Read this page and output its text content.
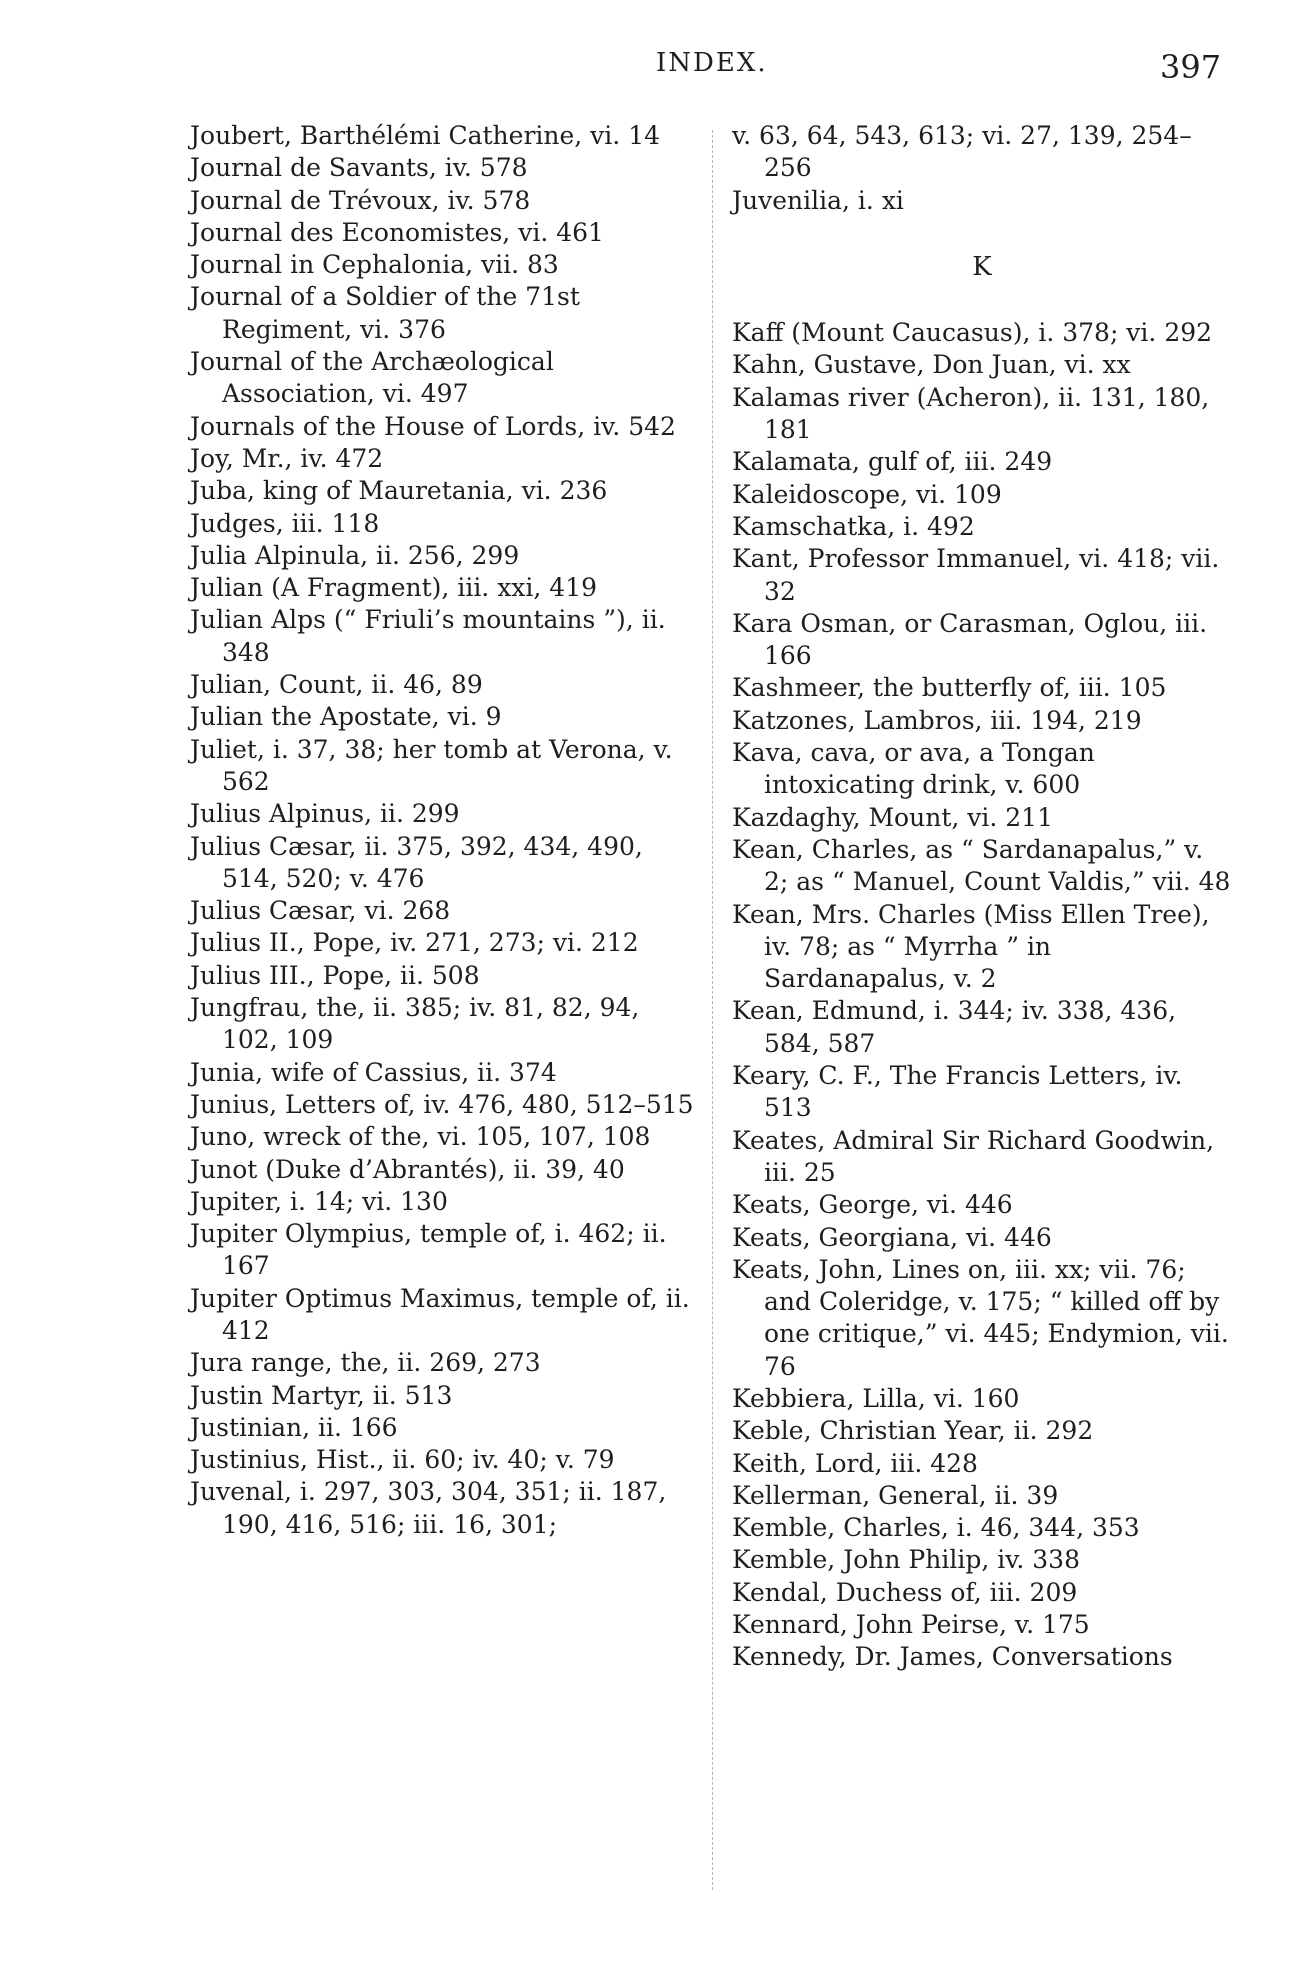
INDEX.	397

Joubert, Barthélémi Catherine, vi. 14

Journal de Savants, iv. 578

Journal de Trévoux, iv. 578

Journal des Economistes, vi. 461

Journal in Cephalonia, vii. 83

Journal of a Soldier of the 71st Regiment, vi. 376

Journal of the Archæological Association, vi. 497

Journals of the House of Lords, iv. 542

Joy, Mr., iv. 472

Juba, king of Mauretania, vi. 236

Judges, iii. 118

Julia Alpinula, ii. 256, 299

Julian (A Fragment), iii. xxi, 419

Julian Alps (“ Friuli’s mountains ”), ii. 348

Julian, Count, ii. 46, 89

Julian the Apostate, vi. 9

Juliet, i. 37, 38; her tomb at Verona, v. 562

Julius Alpinus, ii. 299

Julius Cæsar, ii. 375, 392, 434, 490, 514, 520; v. 476

Julius Cæsar, vi. 268

Julius II., Pope, iv. 271, 273; vi. 212

Julius III., Pope, ii. 508

Jungfrau, the, ii. 385; iv. 81, 82, 94, 102, 109

Junia, wife of Cassius, ii. 374

Junius, Letters of, iv. 476, 480, 512–515

Juno, wreck of the, vi. 105, 107, 108

Junot (Duke d’Abrantés), ii. 39, 40

Jupiter, i. 14; vi. 130

Jupiter Olympius, temple of, i. 462; ii. 167

Jupiter Optimus Maximus, temple of, ii. 412

Jura range, the, ii. 269, 273

Justin Martyr, ii. 513

Justinian, ii. 166

Justinius, Hist., ii. 60; iv. 40; v. 79

Juvenal, i. 297, 303, 304, 351; ii. 187, 190, 416, 516; iii. 16, 301;

v. 63, 64, 543, 613; vi. 27, 139, 254–256

Juvenilia, i. xi

K

Kaff (Mount Caucasus), i. 378; vi. 292

Kahn, Gustave, Don Juan, vi. xx

Kalamas river (Acheron), ii. 131, 180, 181

Kalamata, gulf of, iii. 249

Kaleidoscope, vi. 109

Kamschatka, i. 492

Kant, Professor Immanuel, vi. 418; vii. 32

Kara Osman, or Carasman, Oglou, iii. 166

Kashmeer, the butterfly of, iii. 105

Katzones, Lambros, iii. 194, 219

Kava, cava, or ava, a Tongan intoxicating drink, v. 600

Kazdaghy, Mount, vi. 211

Kean, Charles, as “ Sardanapalus,” v. 2; as “ Manuel, Count Valdis,” vii. 48

Kean, Mrs. Charles (Miss Ellen Tree), iv. 78; as “ Myrrha ” in Sardanapalus, v. 2

Kean, Edmund, i. 344; iv. 338, 436, 584, 587

Keary, C. F., The Francis Letters, iv. 513

Keates, Admiral Sir Richard Goodwin, iii. 25

Keats, George, vi. 446

Keats, Georgiana, vi. 446

Keats, John, Lines on, iii. xx; vii. 76; and Coleridge, v. 175; “ killed off by one critique,” vi. 445; Endymion, vii. 76

Kebbiera, Lilla, vi. 160

Keble, Christian Year, ii. 292

Keith, Lord, iii. 428

Kellerman, General, ii. 39

Kemble, Charles, i. 46, 344, 353

Kemble, John Philip, iv. 338

Kendal, Duchess of, iii. 209

Kennard, John Peirse, v. 175

Kennedy, Dr. James, Conversations
